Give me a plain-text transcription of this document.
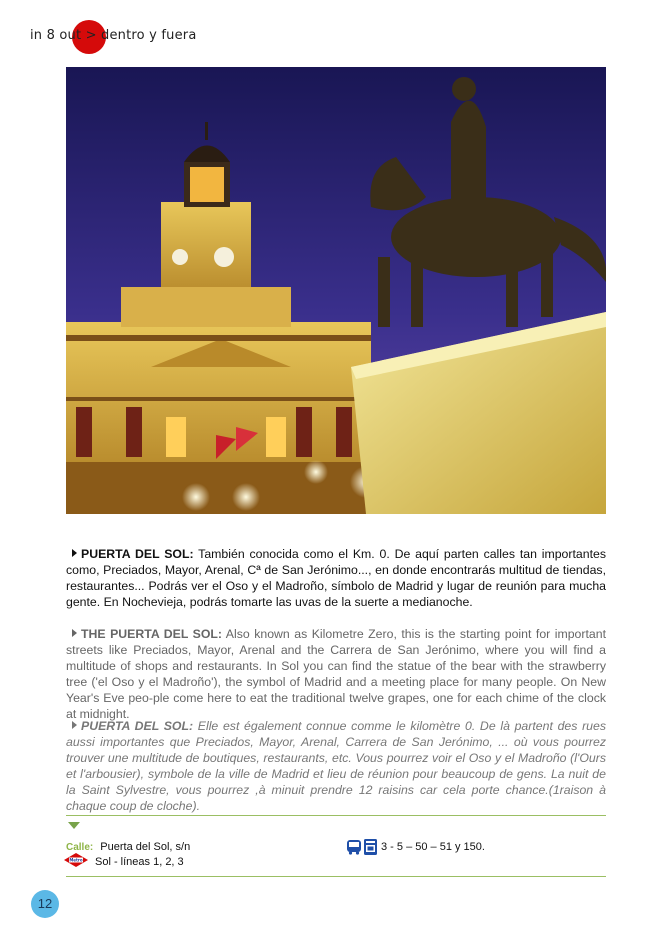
in 8 out > dentro y fuera
PUERTA DEL SOL: También conocida como el Km. 0. De aquí parten calles tan importantes como, Preciados, Mayor, Arenal, Cª de San Jerónimo..., en donde encontrarás multitud de tiendas, restaurantes... Podrás ver el Oso y el Madroño, símbolo de Madrid y lugar de reunión para mucha gente. En Nochevieja, podrás tomarte las uvas de la suerte a medianoche.
THE PUERTA DEL SOL: Also known as Kilometre Zero, this is the starting point for important streets like Preciados, Mayor, Arenal and the Carrera de San Jerónimo, where you will find a multitude of shops and restaurants. In Sol you can find the statue of the bear with the strawberry tree ('el Oso y el Madroño'), the symbol of Madrid and a meeting place for many people. On New Year's Eve peo-ple come here to eat the traditional twelve grapes, one for each chime of the clock at midnight.
PUERTA DEL SOL: Elle est également connue comme le kilomètre 0. De là partent des rues aussi importantes que Preciados, Mayor, Arenal, Carrera de San Jerónimo, ... où vous pourrez trouver une multitude de boutiques, restaurants, etc. Vous pourrez voir el Oso y el Madroño (l'Ours et l'arbousier), symbole de la ville de Madrid et lieu de réunion pour beaucoup de gens. La nuit de la Saint Sylvestre, vous pourrez ,à minuit prendre 12 raisins car cela porte chance.(1raison à chaque coup de cloche).
Calle: Puerta del Sol, s/n
Metro Sol - líneas 1, 2, 3
3 - 5 – 50 – 51 y 150.
12
